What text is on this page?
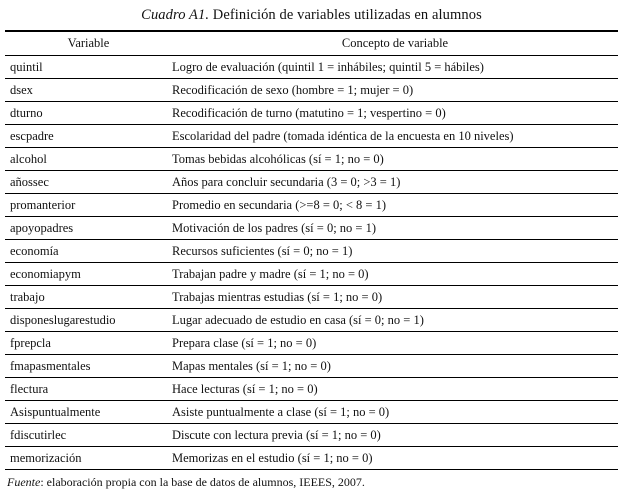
Cuadro A1. Definición de variables utilizadas en alumnos
Variable	Concepto de variable
quintil	Logro de evaluación (quintil 1 = inhábiles; quintil 5 = hábiles)
dsex	Recodificación de sexo (hombre = 1; mujer = 0)
dturno	Recodificación de turno (matutino = 1; vespertino = 0)
escpadre	Escolaridad del padre (tomada idéntica de la encuesta en 10 niveles)
alcohol	Tomas bebidas alcohólicas (sí = 1; no = 0)
añossec	Años para concluir secundaria (3 = 0; >3 = 1)
promanterior	Promedio en secundaria (>=8 = 0; < 8 = 1)
apoyopadres	Motivación de los padres (sí = 0; no = 1)
economía	Recursos suficientes (sí = 0; no = 1)
economiapym	Trabajan padre y madre (sí = 1; no = 0)
trabajo	Trabajas mientras estudias (sí = 1; no = 0)
disponeslugarestudio	Lugar adecuado de estudio en casa (sí = 0; no = 1)
fprepcla	Prepara clase (sí = 1; no = 0)
fmapasmentales	Mapas mentales (sí = 1; no = 0)
flectura	Hace lecturas (sí = 1; no = 0)
Asispuntualmente	Asiste puntualmente a clase (sí = 1; no = 0)
fdiscutirlec	Discute con lectura previa (sí = 1; no = 0)
memorización	Memorizas en el estudio (sí = 1; no = 0)
Fuente: elaboración propia con la base de datos de alumnos, IEEES, 2007.
